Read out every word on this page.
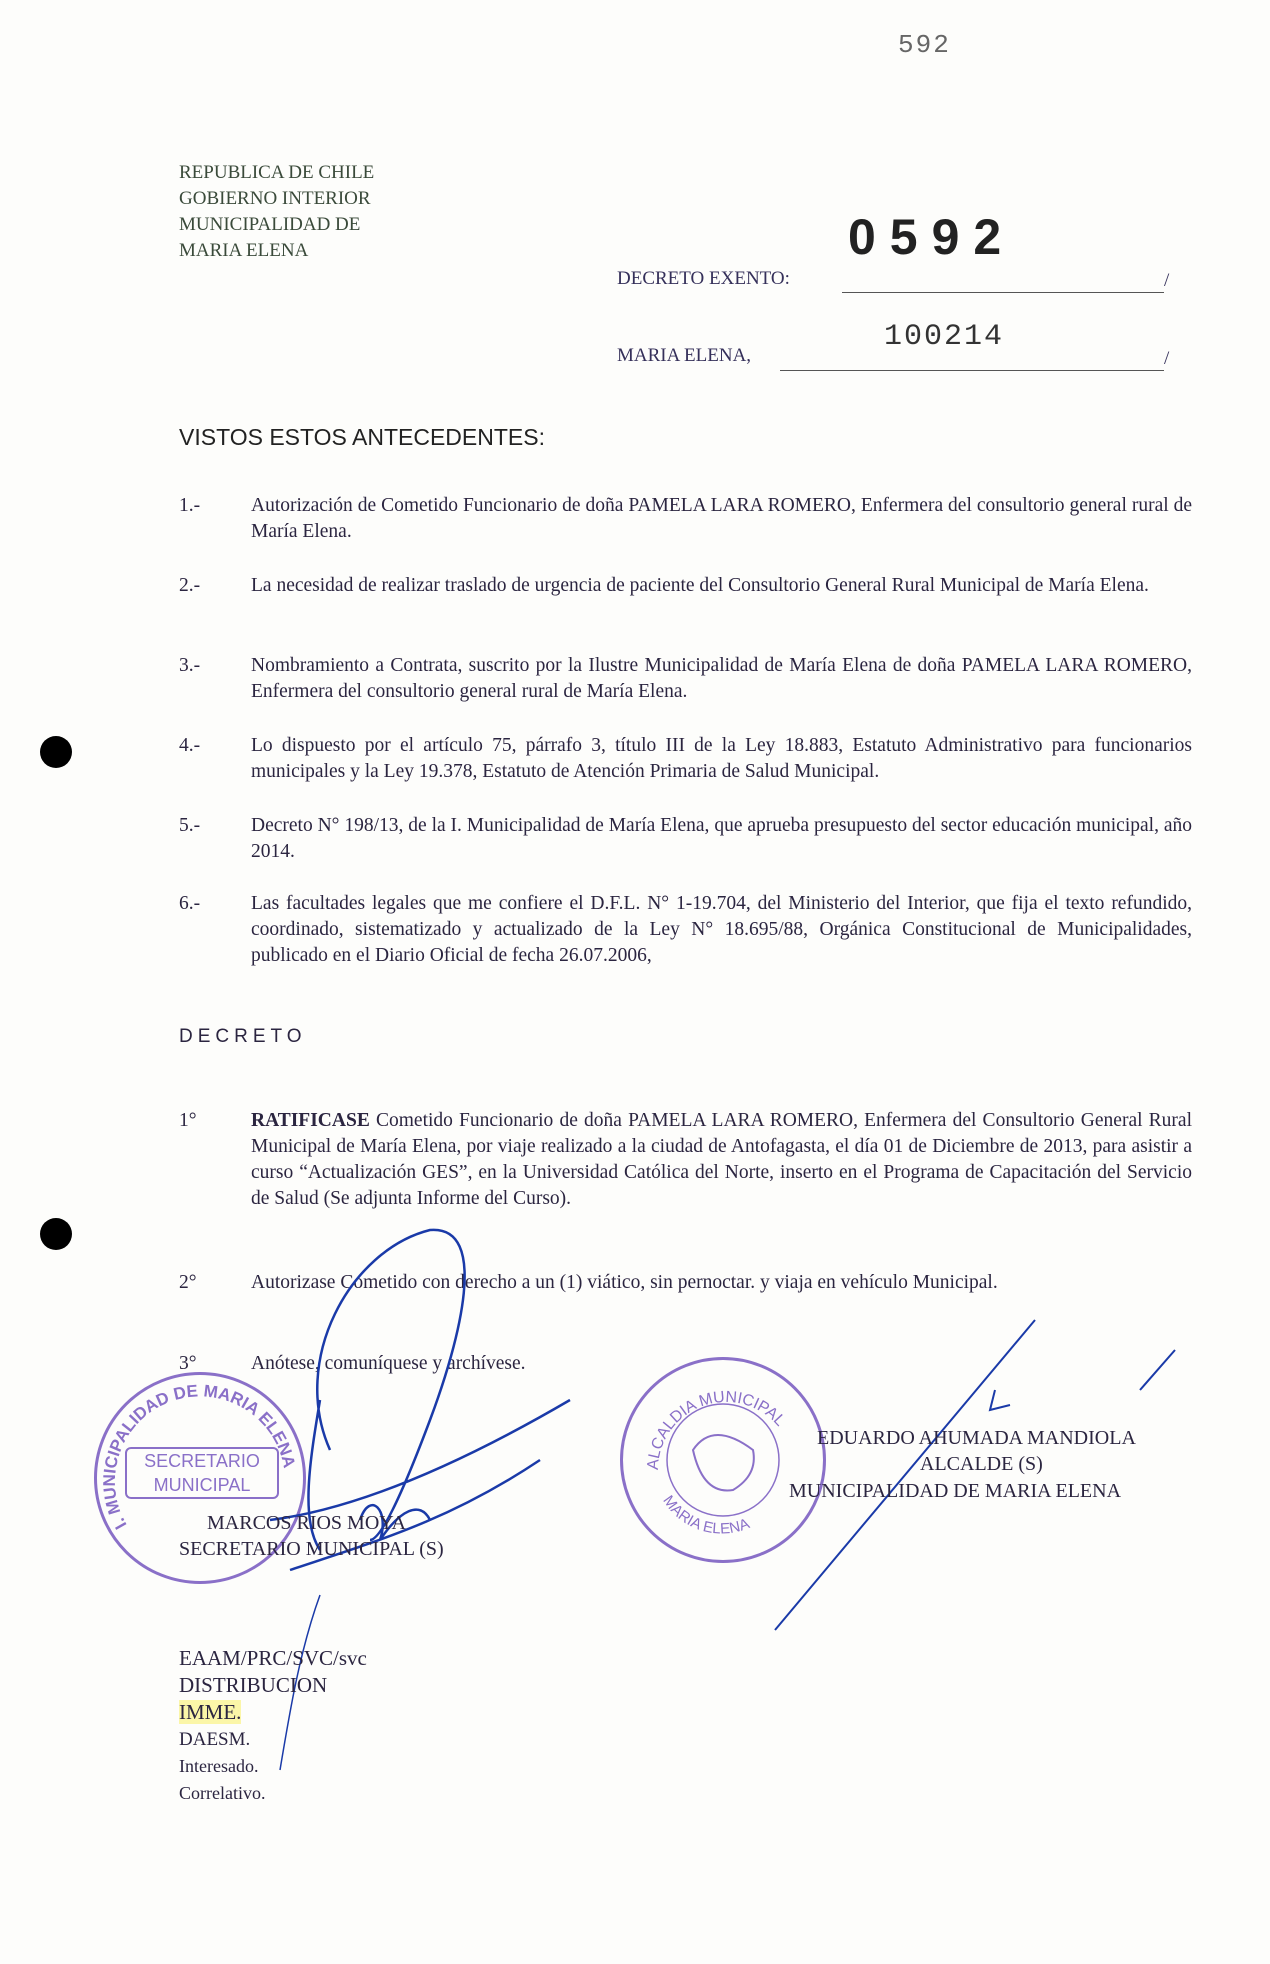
592
REPUBLICA DE CHILE
GOBIERNO INTERIOR
MUNICIPALIDAD DE
MARIA ELENA	0592
DECRETO EXENTO:	/
MARIA ELENA,	/
100214
VISTOS ESTOS ANTECEDENTES:
1.-	Autorización de Cometido Funcionario de doña PAMELA LARA ROMERO, Enfermera del consultorio general rural de María Elena.
2.-	La necesidad de realizar traslado de urgencia de paciente del Consultorio General Rural Municipal de María Elena.
3.-	Nombramiento a Contrata, suscrito por la Ilustre Municipalidad de María Elena de doña PAMELA LARA ROMERO, Enfermera del consultorio general rural de María Elena.
4.-	Lo dispuesto por el artículo 75, párrafo 3, título III de la Ley 18.883, Estatuto Administrativo para funcionarios municipales y la Ley 19.378, Estatuto de Atención Primaria de Salud Municipal.
5.-	Decreto N° 198/13, de la I. Municipalidad de María Elena, que aprueba presupuesto del sector educación municipal, año 2014.
6.-	Las facultades legales que me confiere el D.F.L. N° 1-19.704, del Ministerio del Interior, que fija el texto refundido, coordinado, sistematizado y actualizado de la Ley N° 18.695/88, Orgánica Constitucional de Municipalidades, publicado en el Diario Oficial de fecha 26.07.2006,
DECRETO
1°	RATIFICASE Cometido Funcionario de doña PAMELA LARA ROMERO, Enfermera del Consultorio General Rural Municipal de María Elena, por viaje realizado a la ciudad de Antofagasta, el día 01 de Diciembre de 2013, para asistir a curso “Actualización GES”, en la Universidad Católica del Norte, inserto en el Programa de Capacitación del Servicio de Salud (Se adjunta Informe del Curso).
2°	Autorizase Cometido con derecho a un (1) viático, sin pernoctar. y viaja en vehículo Municipal.
3°	Anótese, comuníquese y archívese.
I. MUNICIPALIDAD DE MARIA ELENA
SECRETARIO
MUNICIPAL
ALCALDIA MUNICIPAL
MARIA ELENA
MARCOS RIOS MOYA
SECRETARIO MUNICIPAL (S)
EDUARDO AHUMADA MANDIOLA
ALCALDE (S)
MUNICIPALIDAD DE MARIA ELENA
EAAM/PRC/SVC/svc
DISTRIBUCION
IMME.
DAESM.
Interesado.
Correlativo.
